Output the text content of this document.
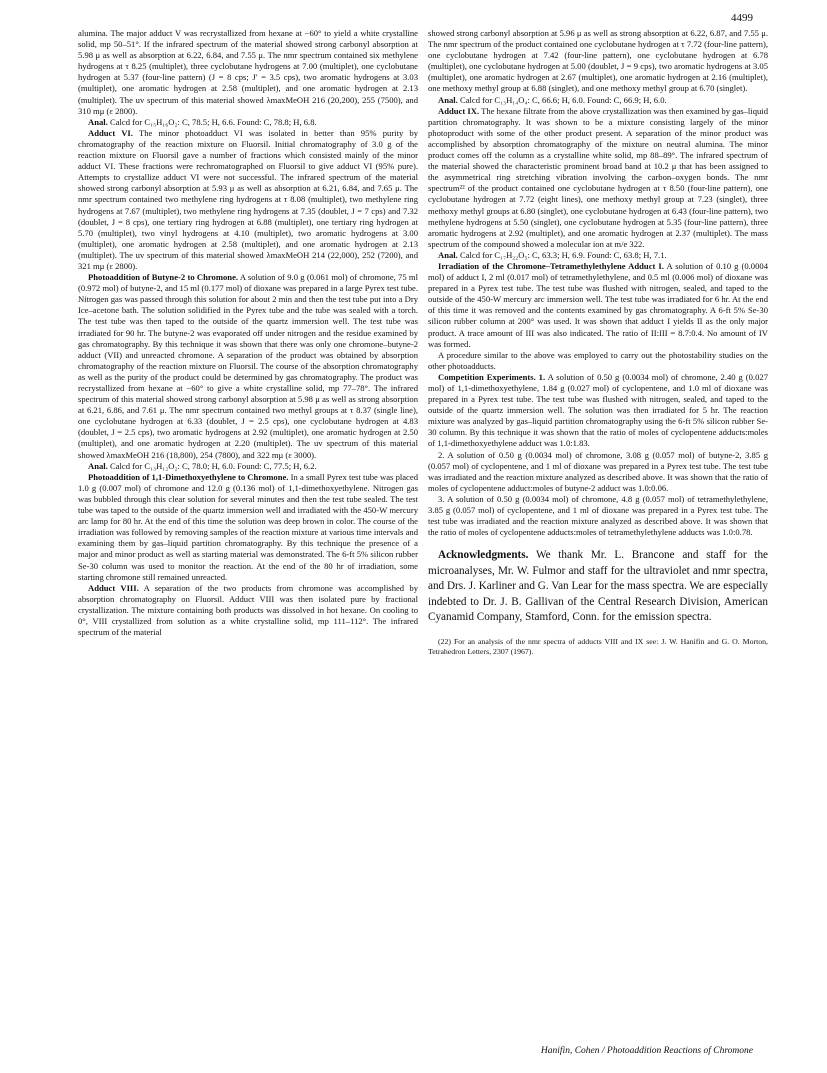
4499

alumina. The major adduct V was recrystallized from hexane at −60° to yield a white crystalline solid, mp 50–51°. If the infrared spectrum of the material showed strong carbonyl absorption at 5.98 μ as well as absorption at 6.22, 6.84, and 7.55 μ. The nmr spectrum contained six methylene hydrogens at τ 8.25 (multiplet), three cyclobutane hydrogens at 7.00 (multiplet), one cyclobutane hydrogen at 5.37 (four-line pattern) (J = 8 cps; J′ = 3.5 cps), two aromatic hydrogens at 3.03 (multiplet), one aromatic hydrogen at 2.58 (multiplet), and one aromatic hydrogen at 2.13 (multiplet). The uv spectrum of this material showed λmaxMeOH 216 (20,200), 255 (7500), and 310 mμ (ε 2800).

Anal. Calcd for C₁₅H₁₆O₂: C, 78.5; H, 6.6. Found: C, 78.8; H, 6.8.

Adduct VI. The minor photoadduct VI was isolated in better than 95% purity by chromatography of the reaction mixture on Fluorsil. Initial chromatography of 3.0 g of the reaction mixture on Fluorsil gave a number of fractions which consisted mainly of the minor adduct VI. These fractions were rechromatographed on Fluorsil to give adduct VI (95% pure). Attempts to crystallize adduct VI were not successful. The infrared spectrum of the material showed strong carbonyl absorption at 5.93 μ as well as absorption at 6.21, 6.84, and 7.65 μ. The nmr spectrum contained two methylene ring hydrogens at τ 8.08 (multiplet), two methylene ring hydrogens at 7.67 (multiplet), two methylene ring hydrogens at 7.35 (doublet, J = 7 cps) and 7.32 (doublet, J = 8 cps), one tertiary ring hydrogen at 6.88 (multiplet), one tertiary ring hydrogen at 5.70 (multiplet), two vinyl hydrogens at 4.10 (multiplet), two aromatic hydrogens at 3.00 (multiplet), one aromatic hydrogen at 2.58 (multiplet), and one aromatic hydrogen at 2.13 (multiplet). The uv spectrum of this material showed λmaxMeOH 214 (22,000), 252 (7200), and 321 mμ (ε 2800).

Photoaddition of Butyne-2 to Chromone. A solution of 9.0 g (0.061 mol) of chromone, 75 ml (0.972 mol) of butyne-2, and 15 ml (0.177 mol) of dioxane was prepared in a large Pyrex test tube. Nitrogen gas was passed through this solution for about 2 min and then the test tube put into a Dry Ice–acetone bath. The solution solidified in the Pyrex tube and the tube was sealed with a torch. The test tube was then taped to the outside of the quartz immersion well. The test tube was irradiated for 90 hr. The butyne-2 was evaporated off under nitrogen and the residue examined by gas chromatography. By this technique it was shown that there was only one chromone–butyne-2 adduct (VII) and unreacted chromone. A separation of the product was obtained by absorption chromatography of the reaction mixture on Fluorsil. The course of the absorption chromatography as well as the purity of the product could be determined by gas chromatography. The product was recrystallized from hexane at −60° to give a white crystalline solid, mp 77–78°. The infrared spectrum of this material showed strong carbonyl absorption at 5.98 μ as well as strong absorption at 6.21, 6.86, and 7.61 μ. The nmr spectrum contained two methyl groups at τ 8.37 (single line), one cyclobutane hydrogen at 6.33 (doublet, J = 2.5 cps), one cyclobutane hydrogen at 4.83 (doublet, J = 2.5 cps), two aromatic hydrogens at 2.92 (multiplet), one aromatic hydrogen at 2.50 (multiplet), and one aromatic hydrogen at 2.20 (multiplet). The uv spectrum of this material showed λmaxMeOH 216 (18,800), 254 (7800), and 322 mμ (ε 3000).

Anal. Calcd for C₁₃H₁₂O₂: C, 78.0; H, 6.0. Found: C, 77.5; H, 6.2.

Photoaddition of 1,1-Dimethoxyethylene to Chromone. In a small Pyrex test tube was placed 1.0 g (0.007 mol) of chromone and 12.0 g (0.136 mol) of 1,1-dimethoxyethylene. Nitrogen gas was bubbled through this clear solution for several minutes and then the test tube sealed. The test tube was taped to the outside of the quartz immersion well and irradiated with the 450-W mercury arc lamp for 80 hr. At the end of this time the solution was deep brown in color. The course of the irradiation was followed by removing samples of the reaction mixture at various time intervals and examining them by gas–liquid partition chromatography. By this technique the presence of a major and minor product as well as starting material was demonstrated. The 6-ft 5% silicon rubber Se-30 column was used to monitor the reaction. At the end of the 80 hr of irradiation, some starting chromone still remained unreacted.

Adduct VIII. A separation of the two products from chromone was accomplished by absorption chromatography on Fluorsil. Adduct VIII was then isolated pure by fractional crystallization. The mixture containing both products was dissolved in hot hexane. On cooling to 0°, VIII crystallized from solution as a white crystalline solid, mp 111–112°. The infrared spectrum of the material

showed strong carbonyl absorption at 5.96 μ as well as strong absorption at 6.22, 6.87, and 7.55 μ. The nmr spectrum of the product contained one cyclobutane hydrogen at τ 7.72 (four-line pattern), one cyclobutane hydrogen at 7.42 (four-line pattern), one cyclobutane hydrogen at 6.78 (multiplet), one cyclobutane hydrogen at 5.00 (doublet, J = 9 cps), two aromatic hydrogens at 3.05 (multiplet), one aromatic hydrogen at 2.67 (multiplet), one aromatic hydrogen at 2.16 (multiplet), one methoxy methyl group at 6.88 (singlet), and one methoxy methyl group at 6.70 (singlet).

Anal. Calcd for C₁₃H₁₄O₄: C, 66.6; H, 6.0. Found: C, 66.9; H, 6.0.

Adduct IX. The hexane filtrate from the above crystallization was then examined by gas–liquid partition chromatography. It was shown to be a mixture consisting largely of the minor photoproduct with some of the other product present. A separation of the minor product was accomplished by absorption chromatography of the mixture on neutral alumina. The minor product comes off the column as a crystalline white solid, mp 88–89°. The infrared spectrum of the material showed the characteristic prominent broad band at 10.2 μ that has been assigned to the asymmetrical ring stretching vibration involving the carbon–oxygen bonds. The nmr spectrum²² of the product contained one cyclobutane hydrogen at τ 8.50 (four-line pattern), one cyclobutane hydrogen at 7.72 (eight lines), one methoxy methyl group at 7.23 (singlet), three methoxy methyl groups at 6.80 (singlet), one cyclobutane hydrogen at 6.43 (four-line pattern), two methylene hydrogens at 5.50 (singlet), one cyclobutane hydrogen at 5.35 (four-line pattern), three aromatic hydrogens at 2.92 (multiplet), and one aromatic hydrogen at 2.37 (multiplet). The mass spectrum of the compound showed a molecular ion at m/e 322.

Anal. Calcd for C₁₇H₂₂O₅: C, 63.3; H, 6.9. Found: C, 63.8; H, 7.1.

Irradiation of the Chromone–Tetramethylethylene Adduct I. A solution of 0.10 g (0.0004 mol) of adduct I, 2 ml (0.017 mol) of tetramethylethylene, and 0.5 ml (0.006 mol) of dioxane was prepared in a Pyrex test tube. The test tube was flushed with nitrogen, sealed, and taped to the outside of the 450-W mercury arc immersion well. The test tube was irradiated for 6 hr. At the end of this time it was removed and the contents examined by gas chromatography. A 6-ft 5% Se-30 silicon rubber column at 200° was used. It was shown that adduct I yields II as the only major product. A trace amount of III was also indicated. The ratio of II:III = 8.7:0.4. No amount of IV was formed.

A procedure similar to the above was employed to carry out the photostability studies on the other photoadducts.

Competition Experiments. 1. A solution of 0.50 g (0.0034 mol) of chromone, 2.40 g (0.027 mol) of 1,1-dimethoxyethylene, 1.84 g (0.027 mol) of cyclopentene, and 1.0 ml of dioxane was prepared in a Pyrex test tube. The test tube was flushed with nitrogen, sealed, and taped to the outside of the quartz immersion well. The solution was then irradiated for 5 hr. The reaction mixture was analyzed by gas–liquid partition chromatography using the 6-ft 5% silicon rubber Se-30 column. By this technique it was shown that the ratio of moles of cyclopentene adducts:moles of 1,1-dimethoxyethylene adduct was 1.0:1.83.

2. A solution of 0.50 g (0.0034 mol) of chromone, 3.08 g (0.057 mol) of butyne-2, 3.85 g (0.057 mol) of cyclopentene, and 1 ml of dioxane was prepared in a Pyrex test tube. The test tube was irradiated and the reaction mixture analyzed as described above. It was shown that the ratio of moles of cyclopentene adduct:moles of butyne-2 adduct was 1.0:0.06.

3. A solution of 0.50 g (0.0034 mol) of chromone, 4.8 g (0.057 mol) of tetramethylethylene, 3.85 g (0.057 mol) of cyclopentene, and 1 ml of dioxane was prepared in a Pyrex test tube. The test tube was irradiated and the reaction mixture analyzed as described above. It was shown that the ratio of moles of cyclopentene adducts:moles of tetramethylethylene adducts was 1.0:0.78.

Acknowledgments. We thank Mr. L. Brancone and staff for the microanalyses, Mr. W. Fulmor and staff for the ultraviolet and nmr spectra, and Drs. J. Karliner and G. Van Lear for the mass spectra. We are especially indebted to Dr. J. B. Gallivan of the Central Research Division, American Cyanamid Company, Stamford, Conn. for the emission spectra.

(22) For an analysis of the nmr spectra of adducts VIII and IX see: J. W. Hanifin and G. O. Morton, Tetrahedron Letters, 2307 (1967).

Hanifin, Cohen / Photoaddition Reactions of Chromone
